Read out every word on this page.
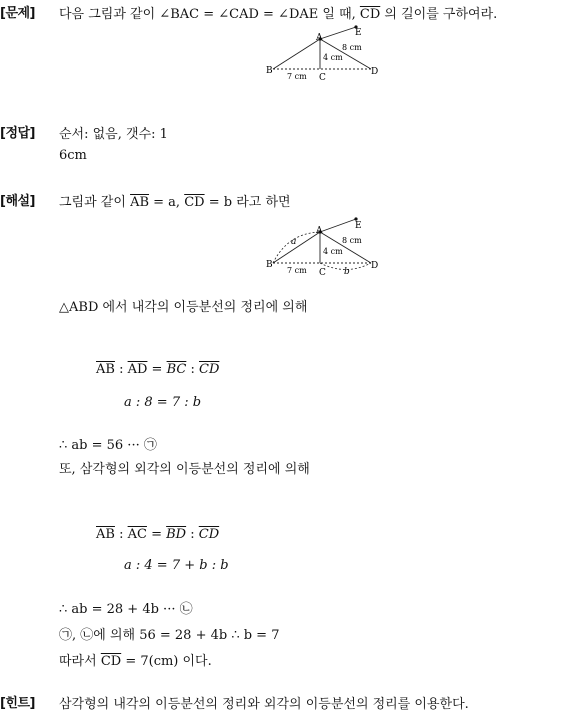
[문제] 다음 그림과 같이 ∠BAC = ∠CAD = ∠DAE 일 때, $\overline{CD}$ 의 길이를 구하여라.
A
B
C
D
E
4 cm
8 cm
7 cm
[정답] 순서: 없음, 갯수: 1
6cm
[해설] 그림과 같이 $\overline{AB} = a$, $\overline{CD} = b$ 라고 하면
A
B
C
D
E
a
b
4 cm
8 cm
7 cm
△ABD 에서 내각의 이등분선의 정리에 의해
$\overline{AB}$ : $\overline{AD} = \overline{BC}$ : $\overline{CD}$
a : 8 = 7 : b
∴ ab = 56 ··· ㉠
또, 삼각형의 외각의 이등분선의 정리에 의해
$\overline{AB}$ : $\overline{AC} = \overline{BD}$ : $\overline{CD}$
a : 4 = 7 + b : b
∴ ab = 28 + 4b ··· ㉡
㉠, ㉡에 의해 56 = 28 + 4b ∴ b = 7
따라서 $\overline{CD} = 7(cm)$ 이다.
[힌트] 삼각형의 내각의 이등분선의 정리와 외각의 이등분선의 정리를 이용한다.
